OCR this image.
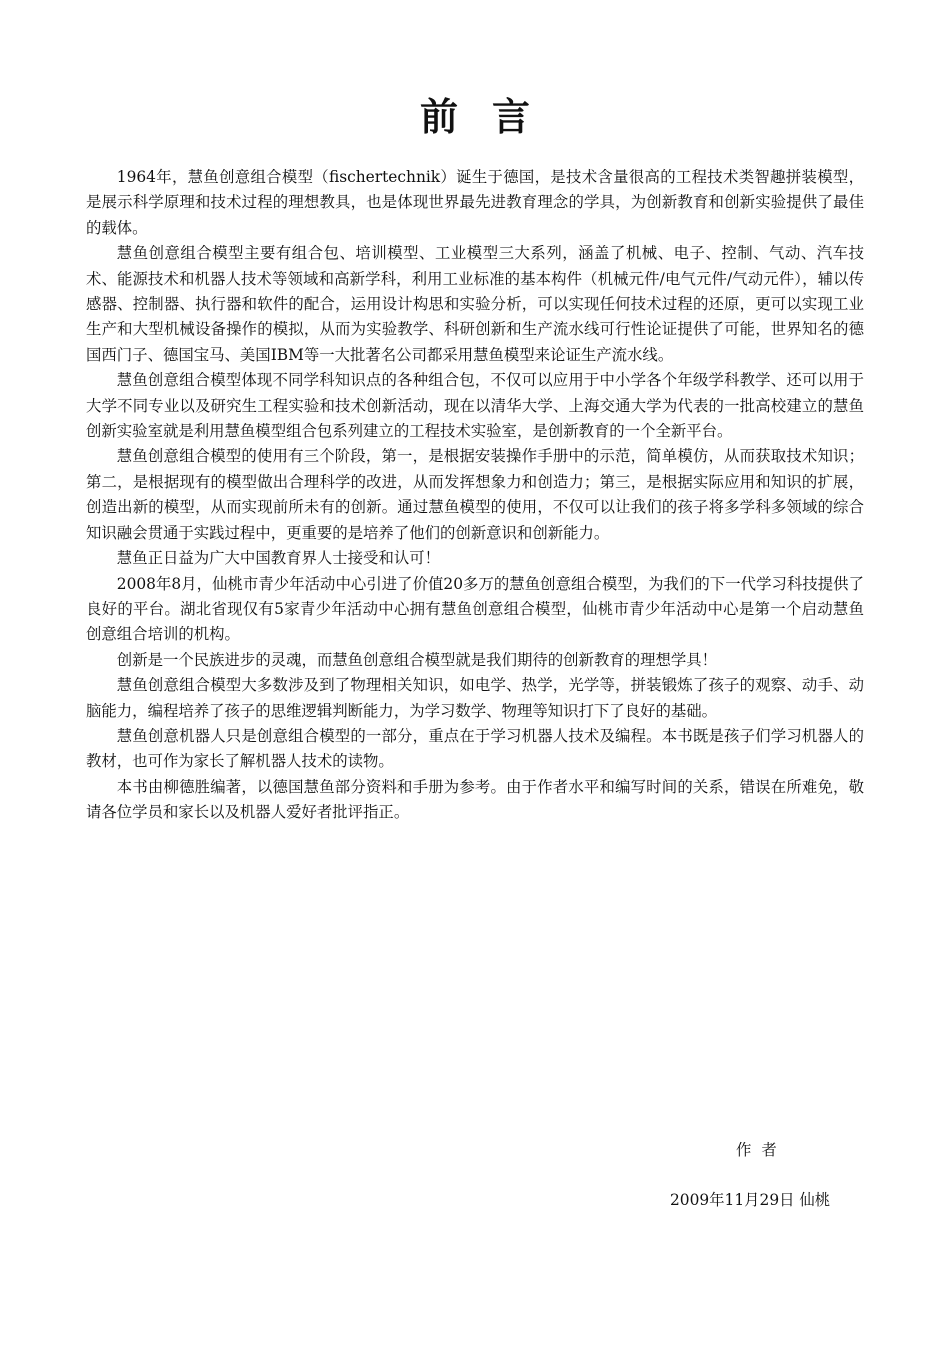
前言

1964年，慧鱼创意组合模型（fischertechnik）诞生于德国，是技术含量很高的工程技术类智趣拼装模型，是展示科学原理和技术过程的理想教具，也是体现世界最先进教育理念的学具，为创新教育和创新实验提供了最佳的载体。

慧鱼创意组合模型主要有组合包、培训模型、工业模型三大系列，涵盖了机械、电子、控制、气动、汽车技术、能源技术和机器人技术等领域和高新学科，利用工业标准的基本构件（机械元件/电气元件/气动元件），辅以传感器、控制器、执行器和软件的配合，运用设计构思和实验分析，可以实现任何技术过程的还原，更可以实现工业生产和大型机械设备操作的模拟，从而为实验教学、科研创新和生产流水线可行性论证提供了可能，世界知名的德国西门子、德国宝马、美国IBM等一大批著名公司都采用慧鱼模型来论证生产流水线。

慧鱼创意组合模型体现不同学科知识点的各种组合包，不仅可以应用于中小学各个年级学科教学、还可以用于大学不同专业以及研究生工程实验和技术创新活动，现在以清华大学、上海交通大学为代表的一批高校建立的慧鱼创新实验室就是利用慧鱼模型组合包系列建立的工程技术实验室，是创新教育的一个全新平台。

慧鱼创意组合模型的使用有三个阶段，第一，是根据安装操作手册中的示范，简单模仿，从而获取技术知识；第二，是根据现有的模型做出合理科学的改进，从而发挥想象力和创造力；第三，是根据实际应用和知识的扩展，创造出新的模型，从而实现前所未有的创新。通过慧鱼模型的使用，不仅可以让我们的孩子将多学科多领域的综合知识融会贯通于实践过程中，更重要的是培养了他们的创新意识和创新能力。

慧鱼正日益为广大中国教育界人士接受和认可！

2008年8月，仙桃市青少年活动中心引进了价值20多万的慧鱼创意组合模型，为我们的下一代学习科技提供了良好的平台。湖北省现仅有5家青少年活动中心拥有慧鱼创意组合模型，仙桃市青少年活动中心是第一个启动慧鱼创意组合培训的机构。

创新是一个民族进步的灵魂，而慧鱼创意组合模型就是我们期待的创新教育的理想学具！

慧鱼创意组合模型大多数涉及到了物理相关知识，如电学、热学，光学等，拼装锻炼了孩子的观察、动手、动脑能力，编程培养了孩子的思维逻辑判断能力，为学习数学、物理等知识打下了良好的基础。

慧鱼创意机器人只是创意组合模型的一部分，重点在于学习机器人技术及编程。本书既是孩子们学习机器人的教材，也可作为家长了解机器人技术的读物。

本书由柳德胜编著，以德国慧鱼部分资料和手册为参考。由于作者水平和编写时间的关系，错误在所难免，敬请各位学员和家长以及机器人爱好者批评指正。

作者
2009年11月29日 仙桃
